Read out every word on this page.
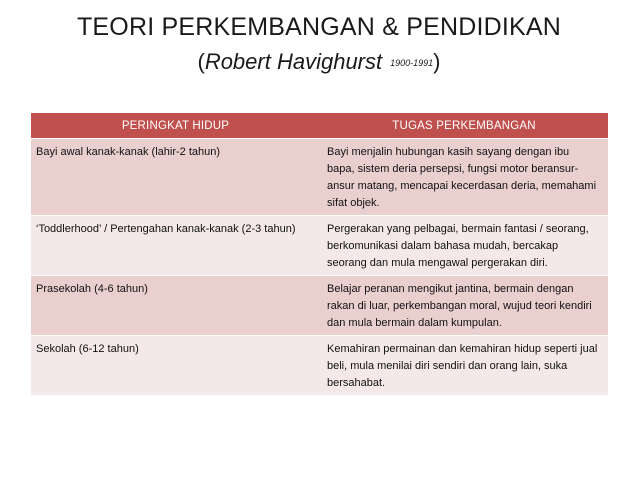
TEORI PERKEMBANGAN & PENDIDIKAN
(Robert Havighurst 1900-1991)
PERINGKAT HIDUP	TUGAS PERKEMBANGAN
Bayi awal kanak-kanak (lahir-2 tahun)	Bayi menjalin hubungan kasih sayang dengan ibu bapa, sistem deria persepsi, fungsi motor beransur-ansur matang, mencapai kecerdasan deria, memahami sifat objek.
‘Toddlerhood’ / Pertengahan kanak-kanak (2-3 tahun)	Pergerakan yang pelbagai, bermain fantasi / seorang, berkomunikasi dalam bahasa mudah, bercakap seorang dan mula mengawal pergerakan diri.
Prasekolah (4-6 tahun)	Belajar peranan mengikut jantina, bermain dengan rakan di luar, perkembangan moral, wujud teori kendiri dan mula bermain dalam kumpulan.
Sekolah (6-12 tahun)	Kemahiran permainan dan kemahiran hidup seperti jual beli, mula menilai diri sendiri dan orang lain, suka bersahabat.
